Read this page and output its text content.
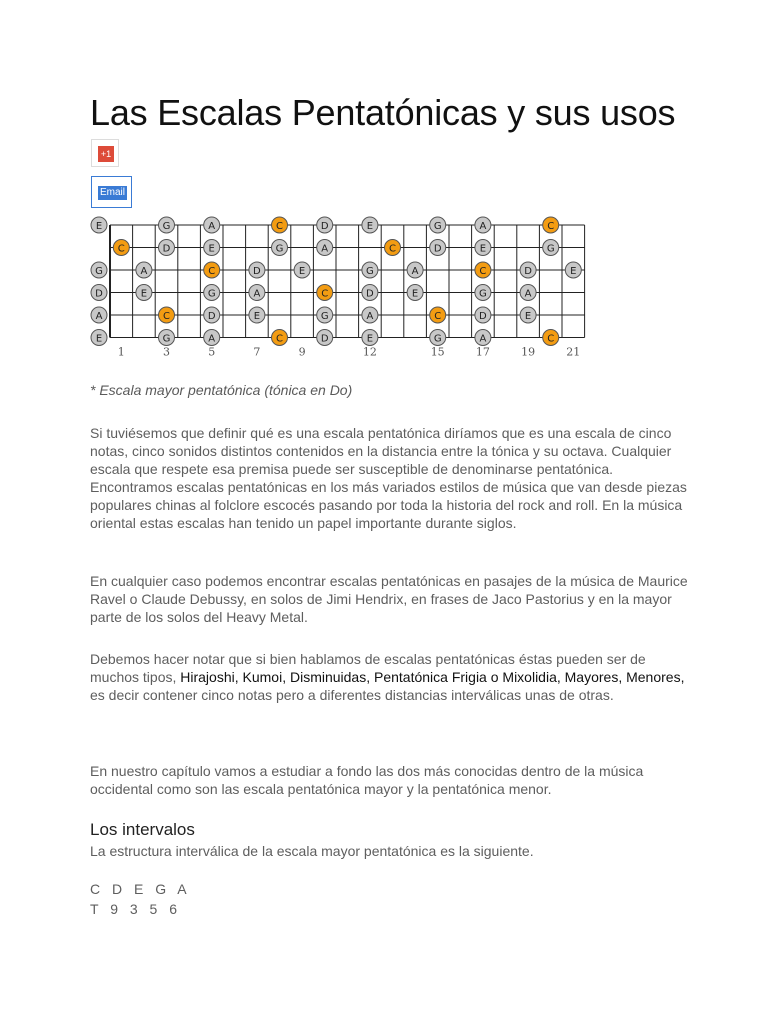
Las Escalas Pentatónicas y sus usos
+1
Email
E	G	A	C	D	E	G	A	C
C	D	E	G	A	C	D	E	G
G	A	C	D	E	G	A	C	D	E
D	E	G	A	C	D	E	G	A
A	C	D	E	G	A	C	D	E
E	G	A	C	D	E	G	A	C
1	3	5	7	9	12	15	17	19	21
* Escala mayor pentatónica (tónica en Do)

Si tuviésemos que definir qué es una escala pentatónica diríamos que es una escala de cinco notas, cinco sonidos distintos contenidos en la distancia entre la tónica y su octava. Cualquier escala que respete esa premisa puede ser susceptible de denominarse pentatónica. Encontramos escalas pentatónicas en los más variados estilos de música que van desde piezas populares chinas al folclore escocés pasando por toda la historia del rock and roll. En la música oriental estas escalas han tenido un papel importante durante siglos.

En cualquier caso podemos encontrar escalas pentatónicas en pasajes de la música de Maurice Ravel o Claude Debussy, en solos de Jimi Hendrix, en frases de Jaco Pastorius y en la mayor parte de los solos del Heavy Metal.

Debemos hacer notar que si bien hablamos de escalas pentatónicas éstas pueden ser de muchos tipos, Hirajoshi, Kumoi, Disminuidas, Pentatónica Frigia o Mixolidia, Mayores, Menores, es decir contener cinco notas pero a diferentes distancias interválicas unas de otras.

En nuestro capítulo vamos a estudiar a fondo las dos más conocidas dentro de la música occidental como son las escala pentatónica mayor y la pentatónica menor.

Los intervalos

La estructura interválica de la escala mayor pentatónica es la siguiente.

C D E G A
T 9 3 5 6
